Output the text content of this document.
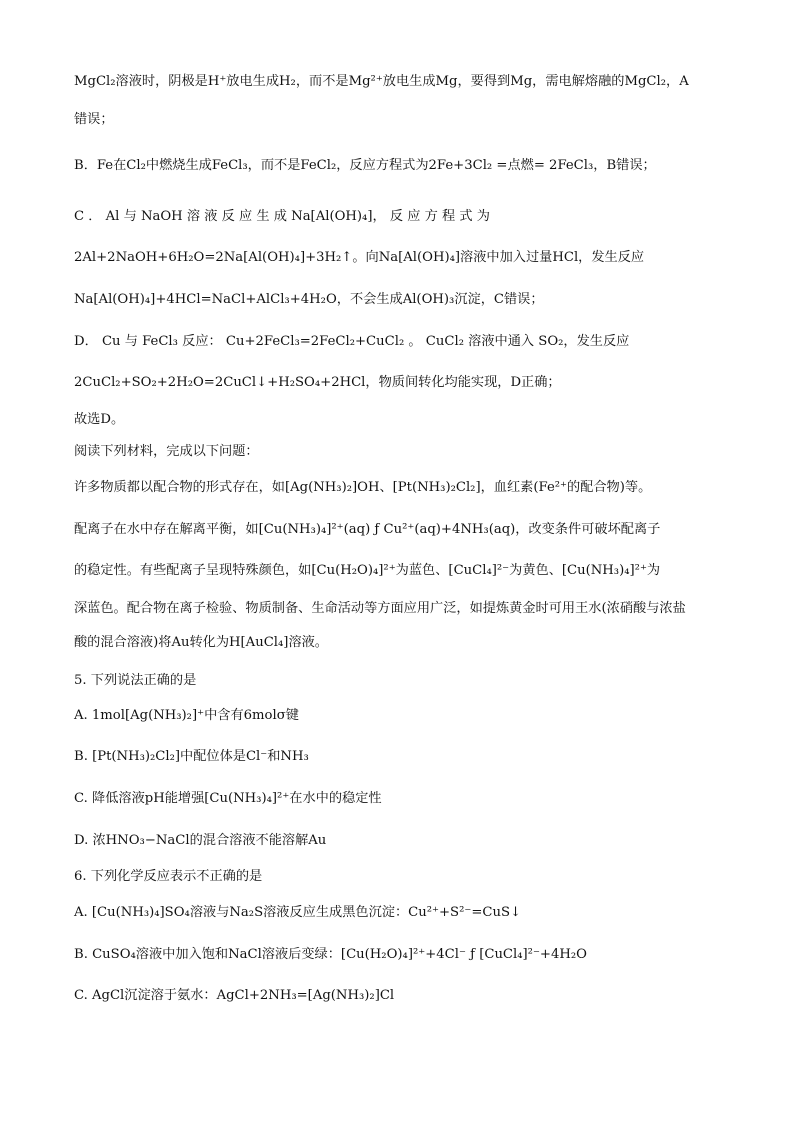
MgCl₂溶液时，阴极是H⁺放电生成H₂，而不是Mg²⁺放电生成Mg，要得到Mg，需电解熔融的MgCl₂，A
错误；
B．Fe在Cl₂中燃烧生成FeCl₃，而不是FeCl₂，反应方程式为2Fe+3Cl₂ =点燃= 2FeCl₃，B错误；
C ． Al 与 NaOH 溶 液 反 应 生 成 Na[Al(OH)₄]， 反 应 方 程 式 为
2Al+2NaOH+6H₂O=2Na[Al(OH)₄]+3H₂↑。向Na[Al(OH)₄]溶液中加入过量HCl，发生反应
Na[Al(OH)₄]+4HCl=NaCl+AlCl₃+4H₂O，不会生成Al(OH)₃沉淀，C错误；
D． Cu 与 FeCl₃ 反应： Cu+2FeCl₃=2FeCl₂+CuCl₂ 。 CuCl₂ 溶液中通入 SO₂，发生反应
2CuCl₂+SO₂+2H₂O=2CuCl↓+H₂SO₄+2HCl，物质间转化均能实现，D正确；
故选D。
阅读下列材料，完成以下问题：
许多物质都以配合物的形式存在，如[Ag(NH₃)₂]OH、[Pt(NH₃)₂Cl₂]，血红素(Fe²⁺的配合物)等。
配离子在水中存在解离平衡，如[Cu(NH₃)₄]²⁺(aq) ƒ Cu²⁺(aq)+4NH₃(aq)，改变条件可破坏配离子
的稳定性。有些配离子呈现特殊颜色，如[Cu(H₂O)₄]²⁺为蓝色、[CuCl₄]²⁻为黄色、[Cu(NH₃)₄]²⁺为
深蓝色。配合物在离子检验、物质制备、生命活动等方面应用广泛，如提炼黄金时可用王水(浓硝酸与浓盐
酸的混合溶液)将Au转化为H[AuCl₄]溶液。
5. 下列说法正确的是
A. 1mol[Ag(NH₃)₂]⁺中含有6molσ键
B. [Pt(NH₃)₂Cl₂]中配位体是Cl⁻和NH₃
C. 降低溶液pH能增强[Cu(NH₃)₄]²⁺在水中的稳定性
D. 浓HNO₃−NaCl的混合溶液不能溶解Au
6. 下列化学反应表示不正确的是
A. [Cu(NH₃)₄]SO₄溶液与Na₂S溶液反应生成黑色沉淀：Cu²⁺+S²⁻=CuS↓
B. CuSO₄溶液中加入饱和NaCl溶液后变绿：[Cu(H₂O)₄]²⁺+4Cl⁻ ƒ [CuCl₄]²⁻+4H₂O
C. AgCl沉淀溶于氨水：AgCl+2NH₃=[Ag(NH₃)₂]Cl
